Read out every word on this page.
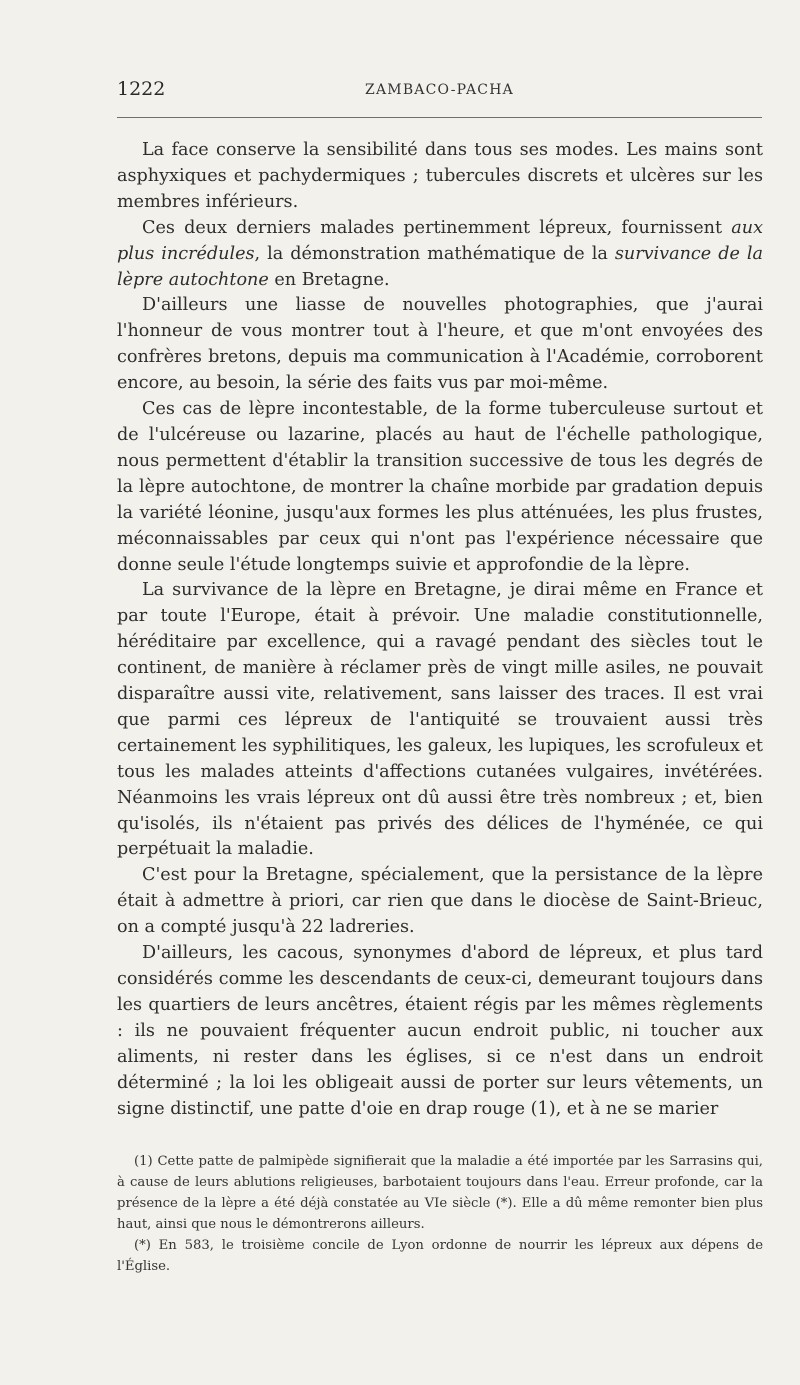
1222	ZAMBACO-PACHA

La face conserve la sensibilité dans tous ses modes. Les mains sont asphyxiques et pachydermiques ; tubercules discrets et ulcères sur les membres inférieurs.

Ces deux derniers malades pertinemment lépreux, fournissent aux plus incrédules, la démonstration mathématique de la survivance de la lèpre autochtone en Bretagne.

D'ailleurs une liasse de nouvelles photographies, que j'aurai l'honneur de vous montrer tout à l'heure, et que m'ont envoyées des confrères bretons, depuis ma communication à l'Académie, corroborent encore, au besoin, la série des faits vus par moi-même.

Ces cas de lèpre incontestable, de la forme tuberculeuse surtout et de l'ulcéreuse ou lazarine, placés au haut de l'échelle pathologique, nous permettent d'établir la transition successive de tous les degrés de la lèpre autochtone, de montrer la chaîne morbide par gradation depuis la variété léonine, jusqu'aux formes les plus atténuées, les plus frustes, méconnaissables par ceux qui n'ont pas l'expérience nécessaire que donne seule l'étude longtemps suivie et approfondie de la lèpre.

La survivance de la lèpre en Bretagne, je dirai même en France et par toute l'Europe, était à prévoir. Une maladie constitutionnelle, héréditaire par excellence, qui a ravagé pendant des siècles tout le continent, de manière à réclamer près de vingt mille asiles, ne pouvait disparaître aussi vite, relativement, sans laisser des traces. Il est vrai que parmi ces lépreux de l'antiquité se trouvaient aussi très certainement les syphilitiques, les galeux, les lupiques, les scrofuleux et tous les malades atteints d'affections cutanées vulgaires, invétérées. Néanmoins les vrais lépreux ont dû aussi être très nombreux ; et, bien qu'isolés, ils n'étaient pas privés des délices de l'hyménée, ce qui perpétuait la maladie.

C'est pour la Bretagne, spécialement, que la persistance de la lèpre était à admettre à priori, car rien que dans le diocèse de Saint-Brieuc, on a compté jusqu'à 22 ladreries.

D'ailleurs, les cacous, synonymes d'abord de lépreux, et plus tard considérés comme les descendants de ceux-ci, demeurant toujours dans les quartiers de leurs ancêtres, étaient régis par les mêmes règlements : ils ne pouvaient fréquenter aucun endroit public, ni toucher aux aliments, ni rester dans les églises, si ce n'est dans un endroit déterminé ; la loi les obligeait aussi de porter sur leurs vêtements, un signe distinctif, une patte d'oie en drap rouge (1), et à ne se marier

(1) Cette patte de palmipède signifierait que la maladie a été importée par les Sarrasins qui, à cause de leurs ablutions religieuses, barbotaient toujours dans l'eau. Erreur profonde, car la présence de la lèpre a été déjà constatée au VIe siècle (*). Elle a dû même remonter bien plus haut, ainsi que nous le démontrerons ailleurs.

(*) En 583, le troisième concile de Lyon ordonne de nourrir les lépreux aux dépens de l'Église.
